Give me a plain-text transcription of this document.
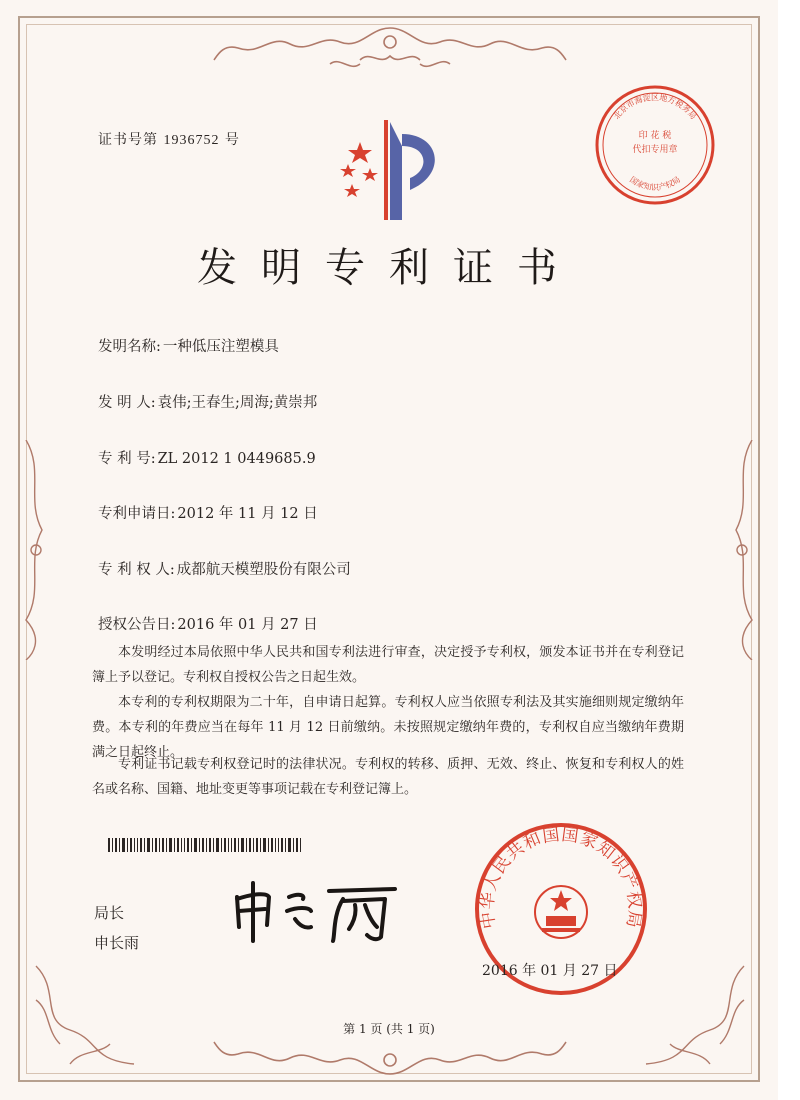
证书号第 1936752 号	印 花 税
代扣专用章
北京市海淀区地方税务局
国家知识产权局
发明专利证书
发明名称: 一种低压注塑模具
发 明 人: 袁伟;王春生;周海;黄崇邦
专 利 号: ZL 2012 1 0449685.9
专利申请日: 2012 年 11 月 12 日
专 利 权 人: 成都航天模塑股份有限公司
授权公告日: 2016 年 01 月 27 日
本发明经过本局依照中华人民共和国专利法进行审查，决定授予专利权，颁发本证书并在专利登记簿上予以登记。专利权自授权公告之日起生效。
本专利的专利权期限为二十年，自申请日起算。专利权人应当依照专利法及其实施细则规定缴纳年费。本专利的年费应当在每年 11 月 12 日前缴纳。未按照规定缴纳年费的，专利权自应当缴纳年费期满之日起终止。
专利证书记载专利权登记时的法律状况。专利权的转移、质押、无效、终止、恢复和专利权人的姓名或名称、国籍、地址变更等事项记载在专利登记簿上。
局长
申长雨
中华人民共和国国家知识产权局
2016 年 01 月 27 日
第 1 页 (共 1 页)
